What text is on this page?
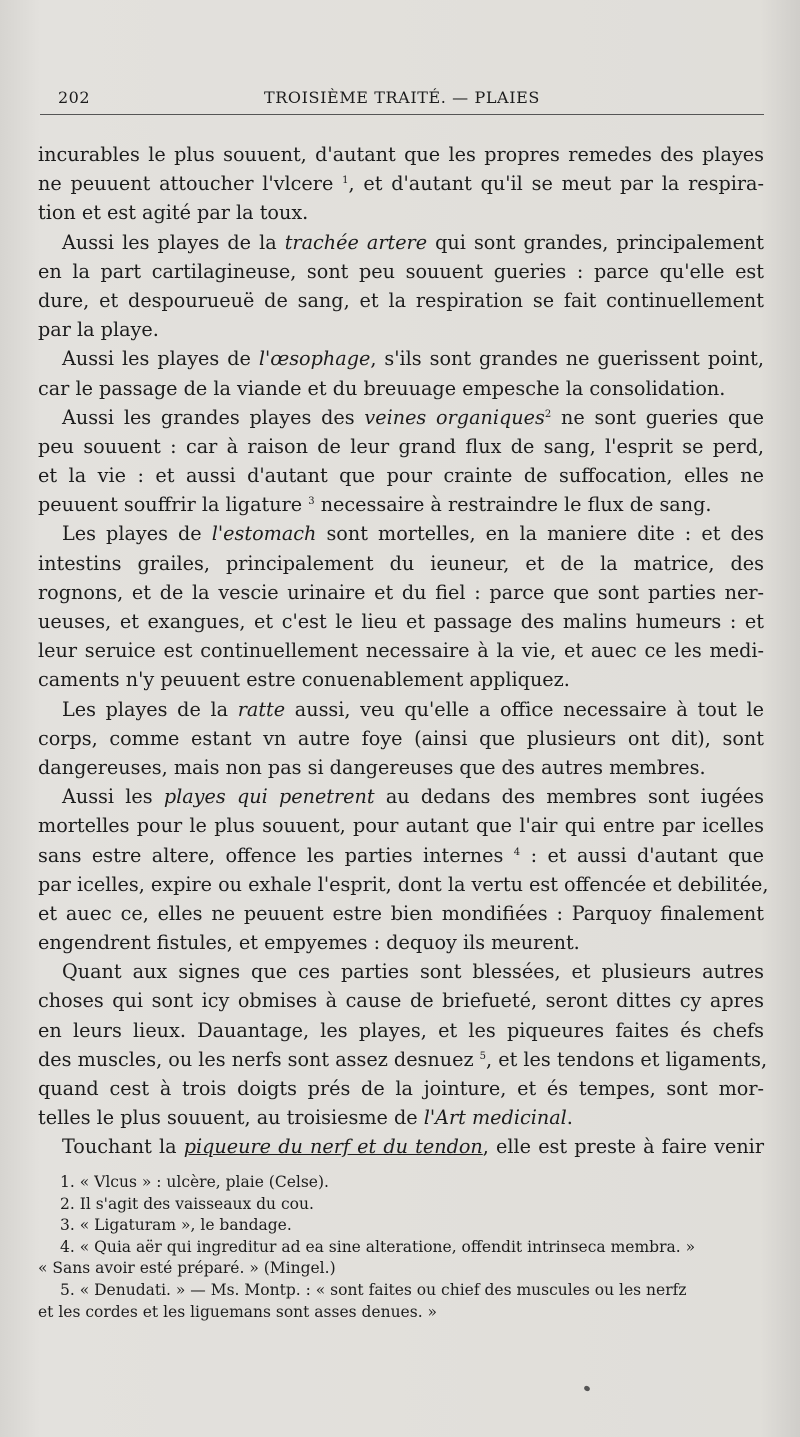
202	TROISIÈME TRAITÉ. — PLAIES
incurables le plus souuent, d'autant que les propres remedes des playes
ne peuuent attoucher l'vlcere $^1$, et d'autant qu'il se meut par la respira-
tion et est agité par la toux.
Aussi les playes de la trachée artere qui sont grandes, principalement
en la part cartilagineuse, sont peu souuent gueries : parce qu'elle est
dure, et despourueuë de sang, et la respiration se fait continuellement
par la playe.
Aussi les playes de l'œsophage, s'ils sont grandes ne guerissent point,
car le passage de la viande et du breuuage empesche la consolidation.
Aussi les grandes playes des veines organiques$^2$ ne sont gueries que
peu souuent : car à raison de leur grand flux de sang, l'esprit se perd,
et la vie : et aussi d'autant que pour crainte de suffocation, elles ne
peuuent souffrir la ligature $^3$ necessaire à restraindre le flux de sang.
Les playes de l'estomach sont mortelles, en la maniere dite : et des
intestins grailes, principalement du ieuneur, et de la matrice, des
rognons, et de la vescie urinaire et du fiel : parce que sont parties ner-
ueuses, et exangues, et c'est le lieu et passage des malins humeurs : et
leur seruice est continuellement necessaire à la vie, et auec ce les medi-
caments n'y peuuent estre conuenablement appliquez.
Les playes de la ratte aussi, veu qu'elle a office necessaire à tout le
corps, comme estant vn autre foye (ainsi que plusieurs ont dit), sont
dangereuses, mais non pas si dangereuses que des autres membres.
Aussi les playes qui penetrent au dedans des membres sont iugées
mortelles pour le plus souuent, pour autant que l'air qui entre par icelles
sans estre altere, offence les parties internes $^4$ : et aussi d'autant que
par icelles, expire ou exhale l'esprit, dont la vertu est offencée et debilitée,
et auec ce, elles ne peuuent estre bien mondifiées : Parquoy finalement
engendrent fistules, et empyemes : dequoy ils meurent.
Quant aux signes que ces parties sont blessées, et plusieurs autres
choses qui sont icy obmises à cause de briefueté, seront dittes cy apres
en leurs lieux. Dauantage, les playes, et les piqueures faites és chefs
des muscles, ou les nerfs sont assez desnuez $^5$, et les tendons et ligaments,
quand cest à trois doigts prés de la jointure, et és tempes, sont mor-
telles le plus souuent, au troisiesme de l'Art medicinal.
Touchant la piqueure du nerf et du tendon, elle est preste à faire venir
1. « Vlcus » : ulcère, plaie (Celse).
2. Il s'agit des vaisseaux du cou.
3. « Ligaturam », le bandage.
4. « Quia aër qui ingreditur ad ea sine alteratione, offendit intrinseca membra. »
« Sans avoir esté préparé. » (Mingel.)
5. « Denudati. » — Ms. Montp. : « sont faites ou chief des muscules ou les nerfz
et les cordes et les liguemans sont asses denues. »
